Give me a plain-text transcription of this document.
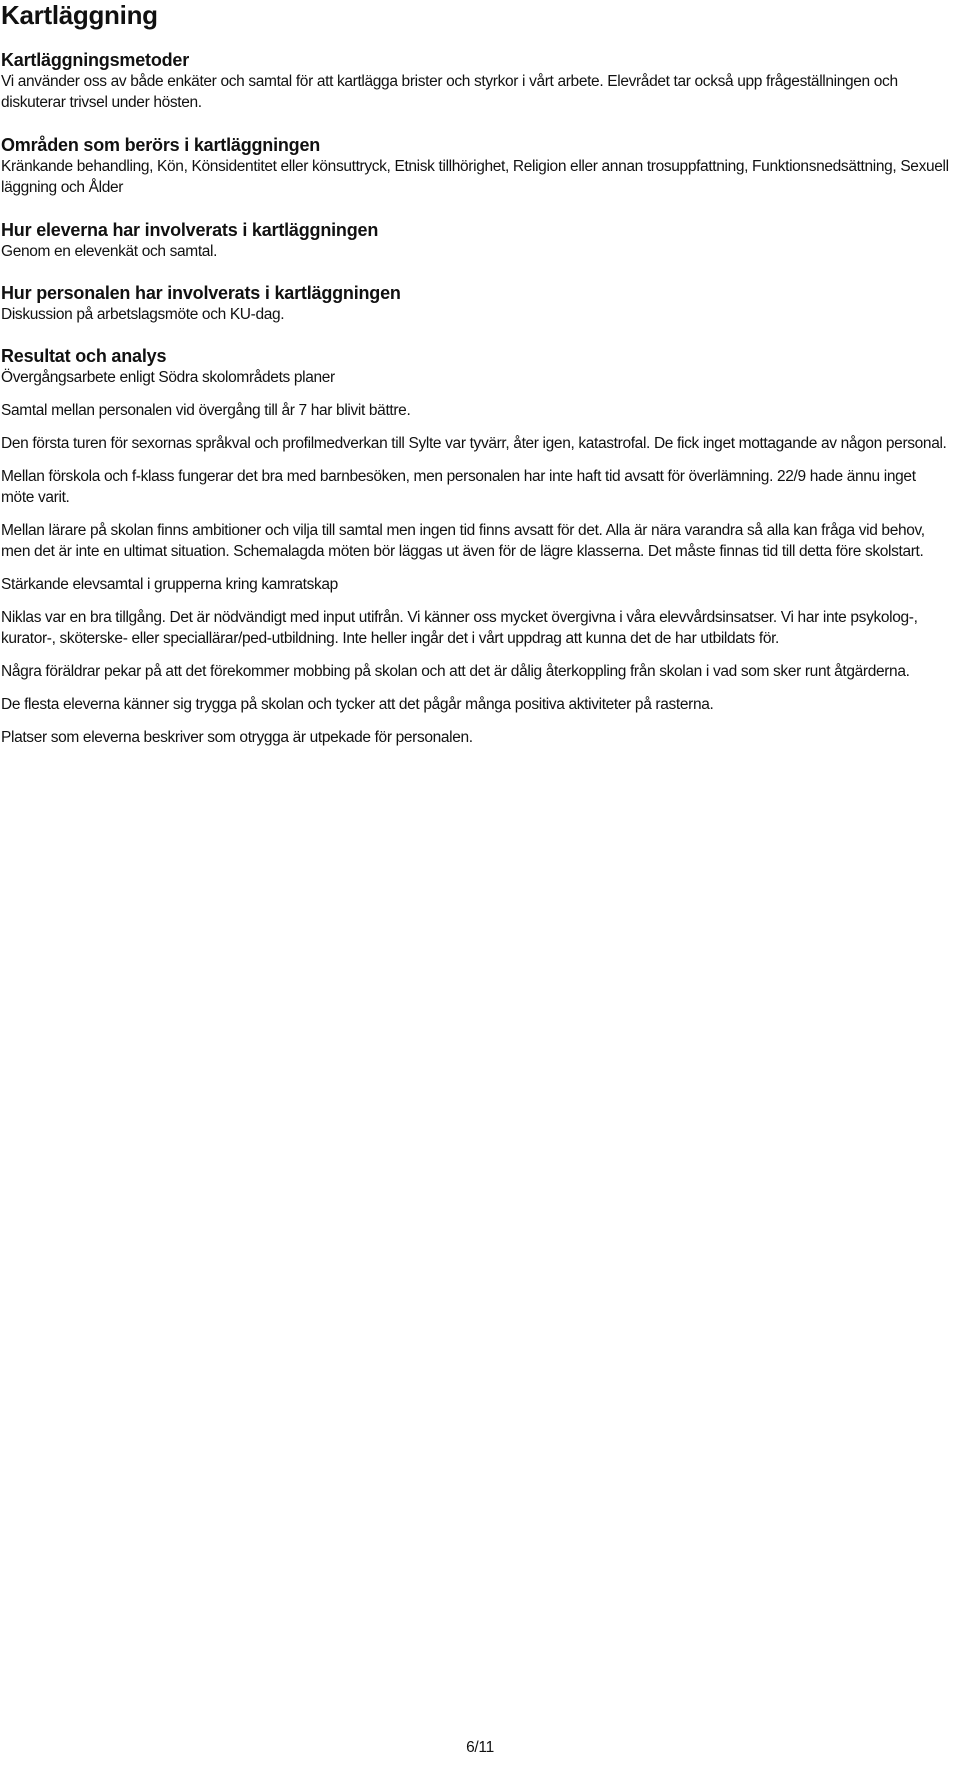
Kartläggning
Kartläggningsmetoder

Vi använder oss av både enkäter och samtal för att kartlägga brister och styrkor i vårt arbete. Elevrådet tar också upp frågeställningen och diskuterar trivsel under hösten.

Områden som berörs i kartläggningen

Kränkande behandling, Kön, Könsidentitet eller könsuttryck, Etnisk tillhörighet, Religion eller annan trosuppfattning, Funktionsnedsättning, Sexuell läggning och Ålder

Hur eleverna har involverats i kartläggningen

Genom en elevenkät och samtal.

Hur personalen har involverats i kartläggningen

Diskussion på arbetslagsmöte och KU-dag.

Resultat och analys

Övergångsarbete enligt Södra skolområdets planer

Samtal mellan personalen vid övergång till år 7 har blivit bättre.

Den första turen för sexornas språkval och profilmedverkan till Sylte var tyvärr, åter igen, katastrofal. De fick inget mottagande av någon personal.

Mellan förskola och f-klass fungerar det bra med barnbesöken, men personalen har inte haft tid avsatt för överlämning. 22/9 hade ännu inget möte varit.

Mellan lärare på skolan finns ambitioner och vilja till samtal men ingen tid finns avsatt för det. Alla är nära varandra så alla kan fråga vid behov, men det är inte en ultimat situation. Schemalagda möten bör läggas ut även för de lägre klasserna. Det måste finnas tid till detta före skolstart.

Stärkande elevsamtal i grupperna kring kamratskap

Niklas var en bra tillgång. Det är nödvändigt med input utifrån. Vi känner oss mycket övergivna i våra elevvårdsinsatser. Vi har inte psykolog-, kurator-, sköterske- eller speciallärar/ped-utbildning. Inte heller ingår det i vårt uppdrag att kunna det de har utbildats för.

Några föräldrar pekar på att det förekommer mobbing på skolan och att det är dålig återkoppling från skolan i vad som sker runt åtgärderna.

De flesta eleverna känner sig trygga på skolan och tycker att det pågår många positiva aktiviteter på rasterna.

Platser som eleverna beskriver som otrygga är utpekade för personalen.

6/11
